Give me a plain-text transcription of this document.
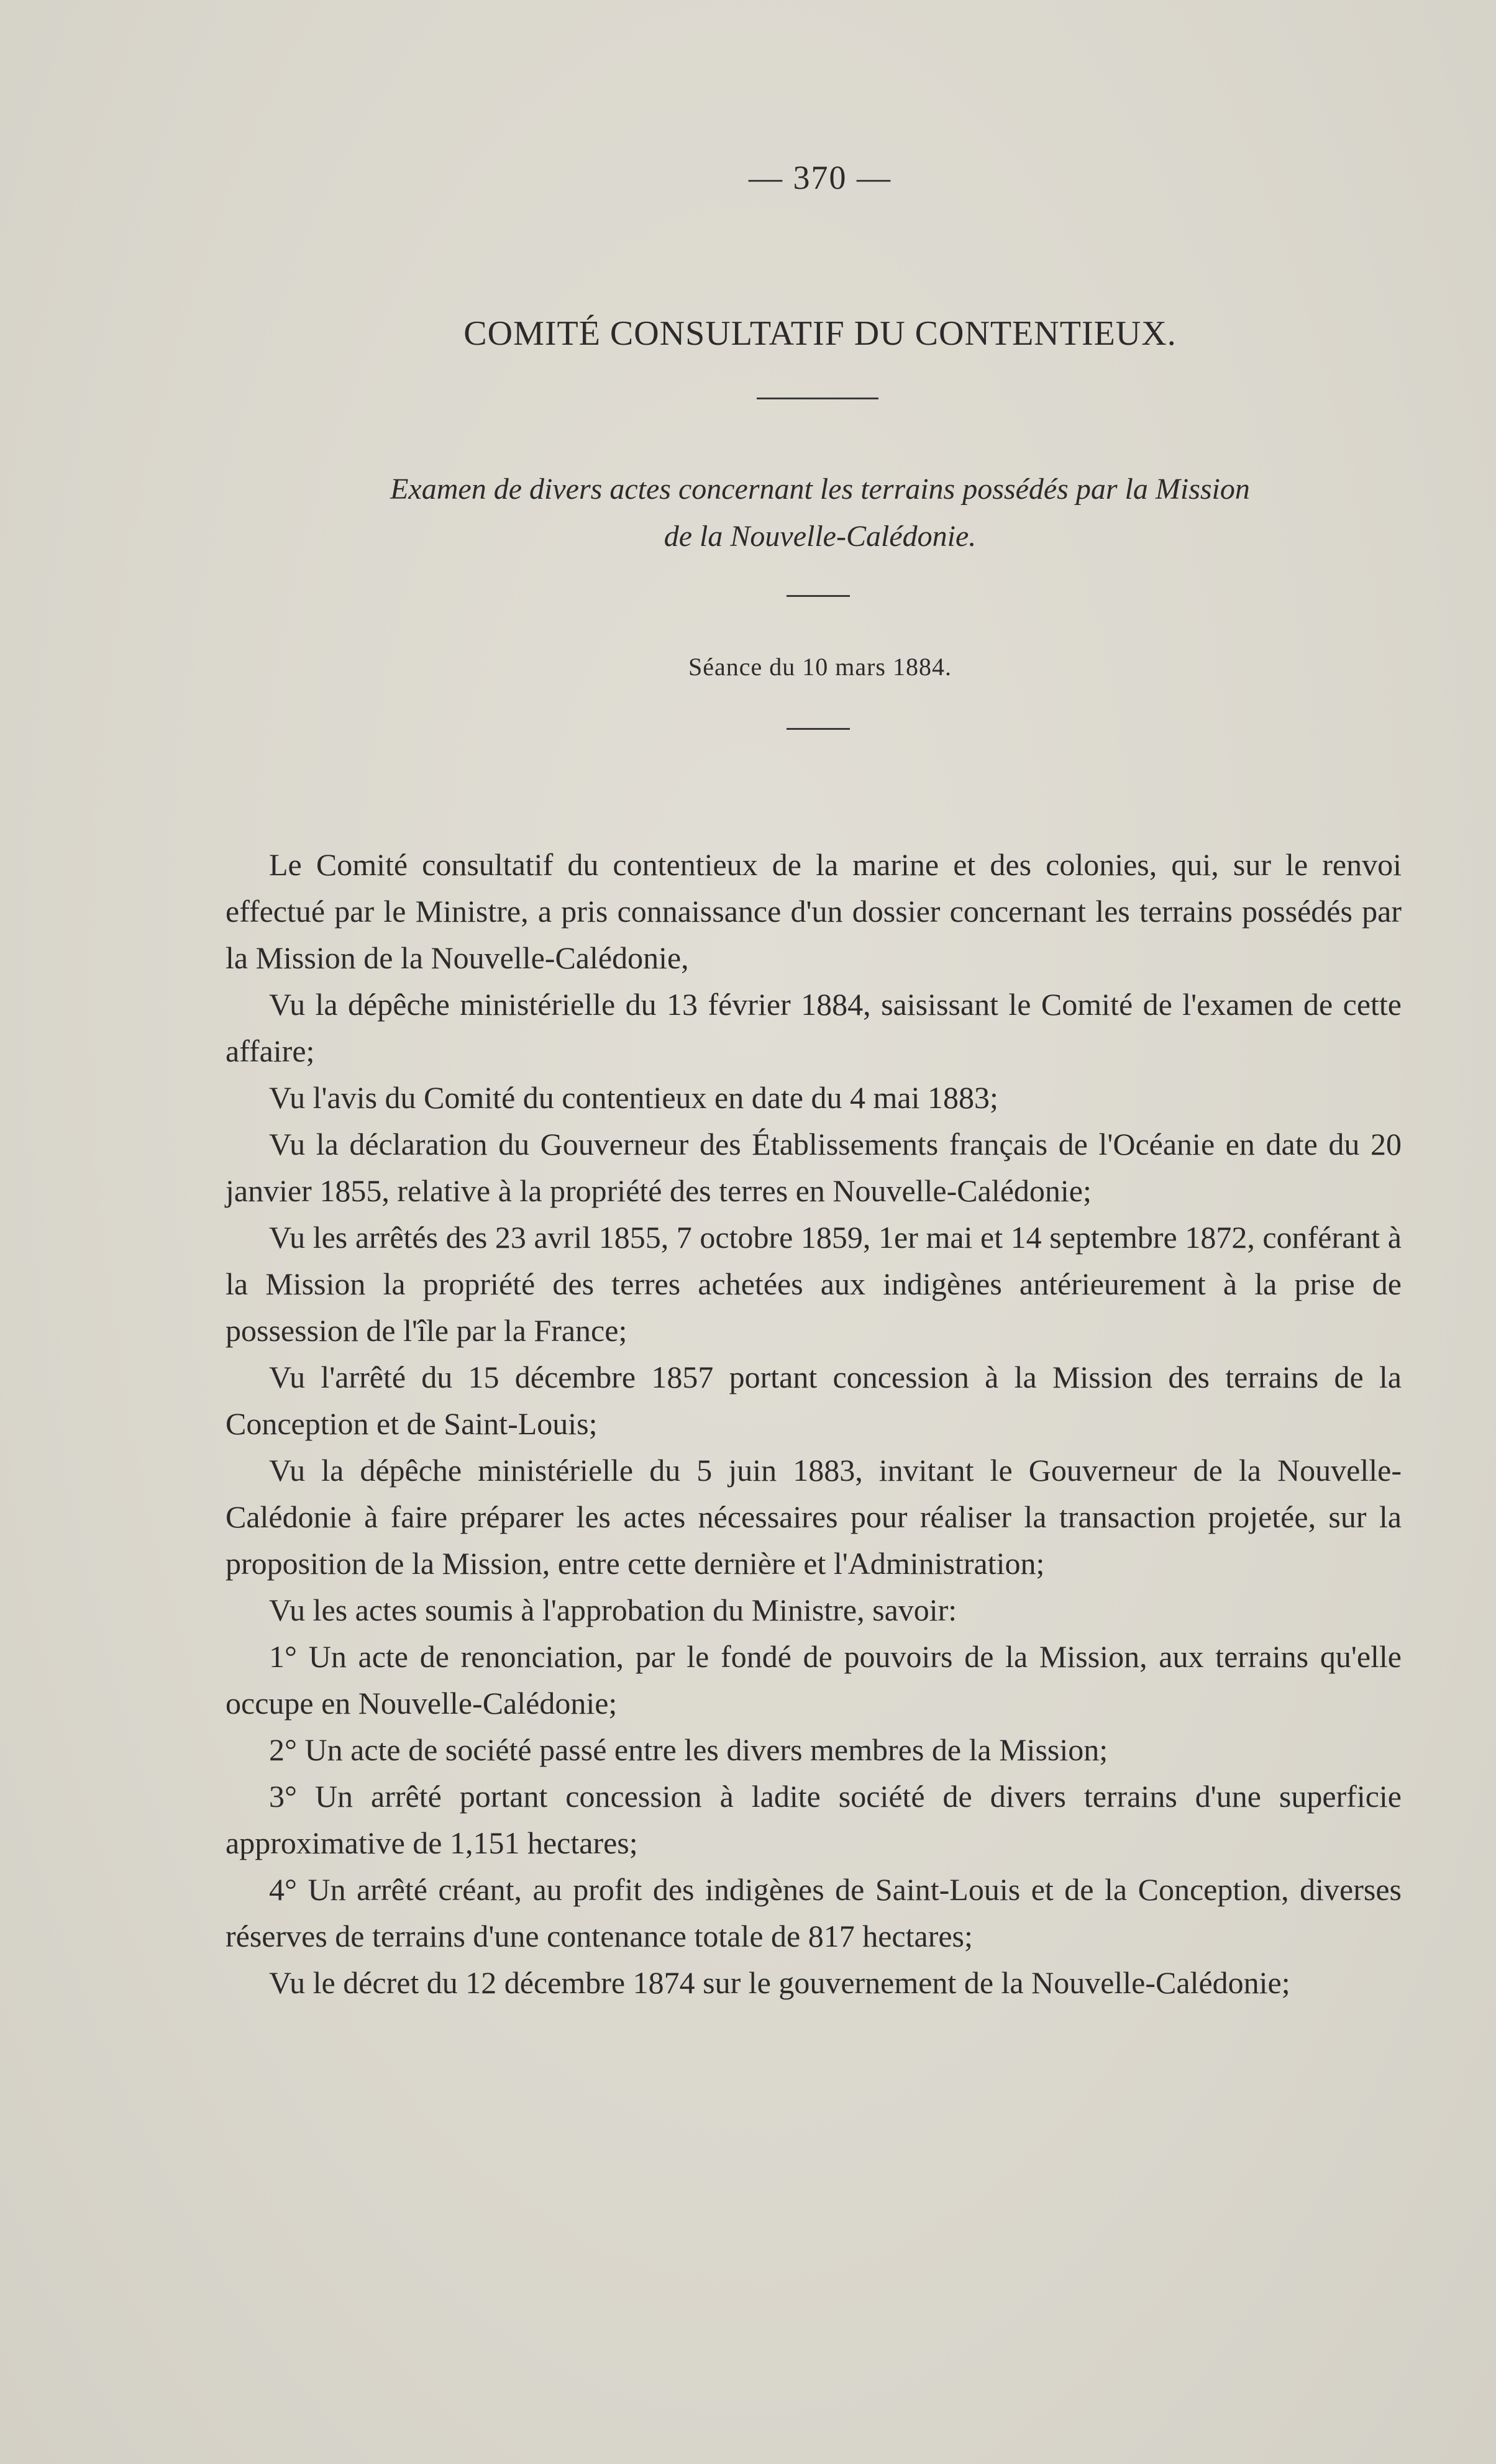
— 370 —
COMITÉ CONSULTATIF DU CONTENTIEUX.
Examen de divers actes concernant les terrains possédés par la Mission
de la Nouvelle-Calédonie.
Séance du 10 mars 1884.

Le Comité consultatif du contentieux de la marine et des colonies, qui, sur le renvoi effectué par le Ministre, a pris connaissance d'un dossier concernant les terrains possédés par la Mission de la Nouvelle-Calédonie,

Vu la dépêche ministérielle du 13 février 1884, saisissant le Comité de l'examen de cette affaire;

Vu l'avis du Comité du contentieux en date du 4 mai 1883;

Vu la déclaration du Gouverneur des Établissements français de l'Océanie en date du 20 janvier 1855, relative à la propriété des terres en Nouvelle-Calédonie;

Vu les arrêtés des 23 avril 1855, 7 octobre 1859, 1er mai et 14 septembre 1872, conférant à la Mission la propriété des terres achetées aux indigènes antérieurement à la prise de possession de l'île par la France;

Vu l'arrêté du 15 décembre 1857 portant concession à la Mission des terrains de la Conception et de Saint-Louis;

Vu la dépêche ministérielle du 5 juin 1883, invitant le Gouverneur de la Nouvelle-Calédonie à faire préparer les actes nécessaires pour réaliser la transaction projetée, sur la proposition de la Mission, entre cette dernière et l'Administration;

Vu les actes soumis à l'approbation du Ministre, savoir:

1° Un acte de renonciation, par le fondé de pouvoirs de la Mission, aux terrains qu'elle occupe en Nouvelle-Calédonie;

2° Un acte de société passé entre les divers membres de la Mission;

3° Un arrêté portant concession à ladite société de divers terrains d'une superficie approximative de 1,151 hectares;

4° Un arrêté créant, au profit des indigènes de Saint-Louis et de la Conception, diverses réserves de terrains d'une contenance totale de 817 hectares;

Vu le décret du 12 décembre 1874 sur le gouvernement de la Nouvelle-Calédonie;
